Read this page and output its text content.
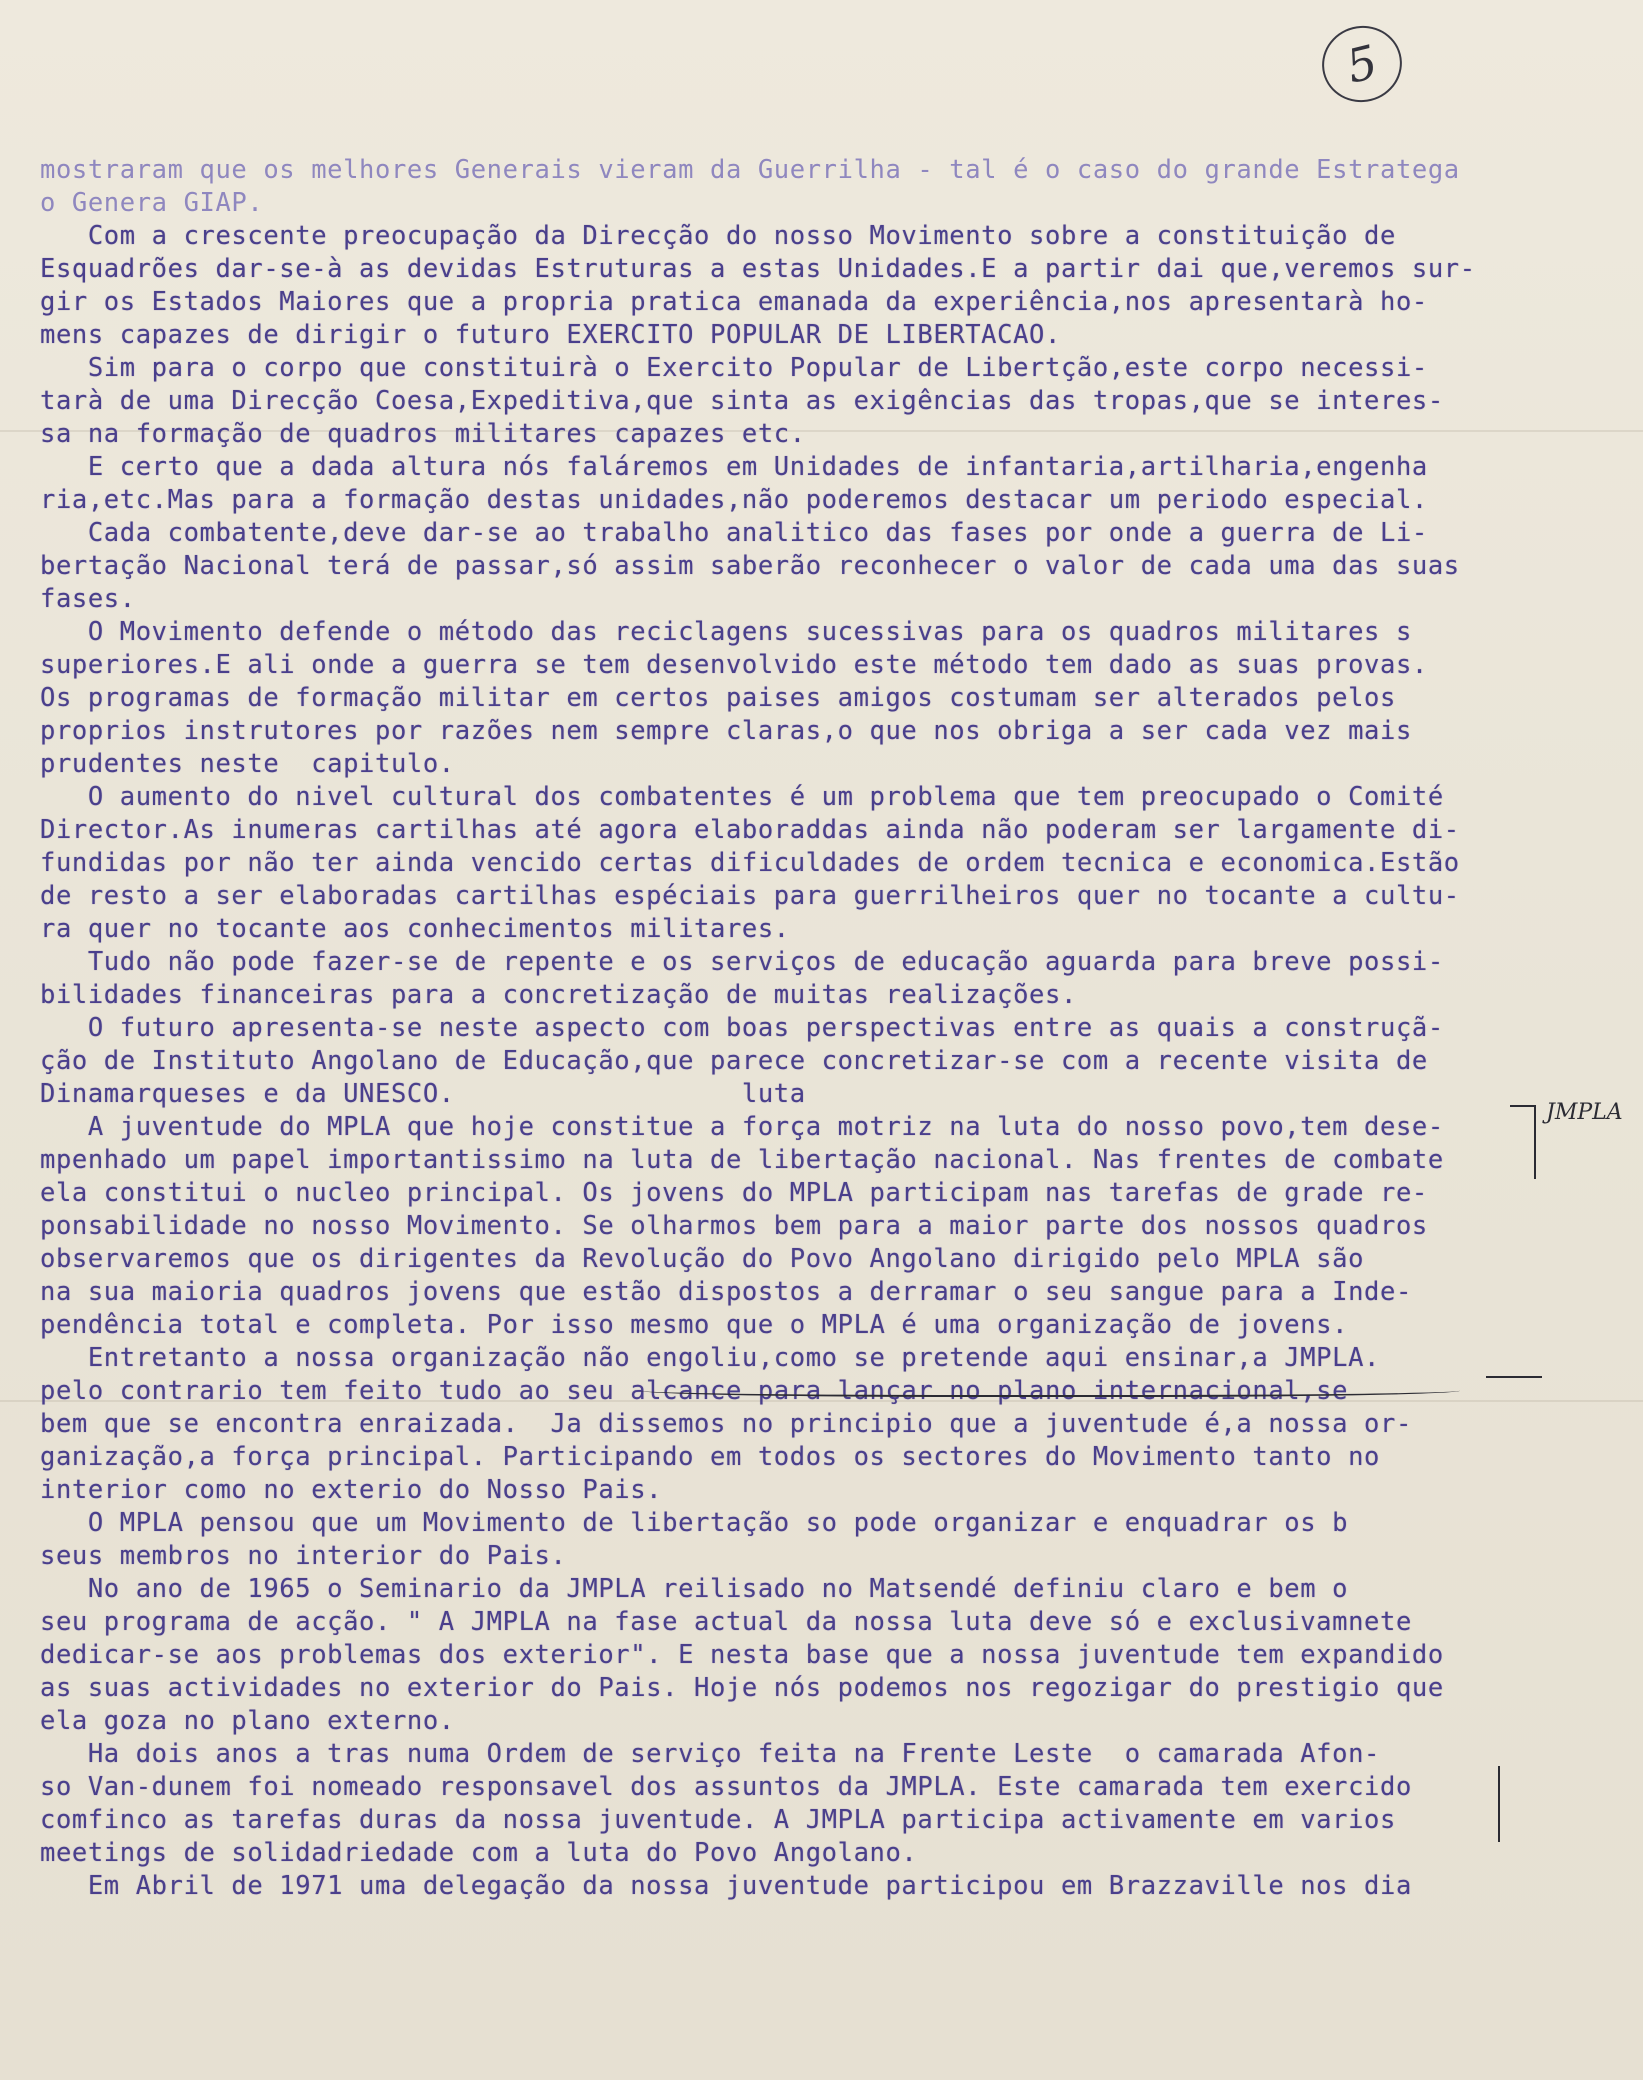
5
mostraram que os melhores Generais vieram da Guerrilha - tal é o caso do grande Estratega
o Genera GIAP.
Com a crescente preocupação da Direcção do nosso Movimento sobre a constituição de
Esquadrões dar-se-à as devidas Estruturas a estas Unidades.E a partir dai que,veremos sur-
gir os Estados Maiores que a propria pratica emanada da experiência,nos apresentarà ho-
mens capazes de dirigir o futuro EXERCITO POPULAR DE LIBERTACAO.
Sim para o corpo que constituirà o Exercito Popular de Libertção,este corpo necessi-
tarà de uma Direcção Coesa,Expeditiva,que sinta as exigências das tropas,que se interes-
sa na formação de quadros militares capazes etc.
E certo que a dada altura nós faláremos em Unidades de infantaria,artilharia,engenha
ria,etc.Mas para a formação destas unidades,não poderemos destacar um periodo especial.
Cada combatente,deve dar-se ao trabalho analitico das fases por onde a guerra de Li-
bertação Nacional terá de passar,só assim saberão reconhecer o valor de cada uma das suas
fases.
O Movimento defende o método das reciclagens sucessivas para os quadros militares s
superiores.E ali onde a guerra se tem desenvolvido este método tem dado as suas provas.
Os programas de formação militar em certos paises amigos costumam ser alterados pelos
proprios instrutores por razões nem sempre claras,o que nos obriga a ser cada vez mais
prudentes neste  capitulo.
O aumento do nivel cultural dos combatentes é um problema que tem preocupado o Comité
Director.As inumeras cartilhas até agora elaboraddas ainda não poderam ser largamente di-
fundidas por não ter ainda vencido certas dificuldades de ordem tecnica e economica.Estão
de resto a ser elaboradas cartilhas espéciais para guerrilheiros quer no tocante a cultu-
ra quer no tocante aos conhecimentos militares.
Tudo não pode fazer-se de repente e os serviços de educação aguarda para breve possi-
bilidades financeiras para a concretização de muitas realizações.
O futuro apresenta-se neste aspecto com boas perspectivas entre as quais a construçã-
ção de Instituto Angolano de Educação,que parece concretizar-se com a recente visita de
Dinamarqueses e da UNESCO.                  luta
A juventude do MPLA que hoje constitue a força motriz na luta do nosso povo,tem dese-
mpenhado um papel importantissimo na luta de libertação nacional. Nas frentes de combate
ela constitui o nucleo principal. Os jovens do MPLA participam nas tarefas de grade re-
ponsabilidade no nosso Movimento. Se olharmos bem para a maior parte dos nossos quadros
observaremos que os dirigentes da Revolução do Povo Angolano dirigido pelo MPLA são
na sua maioria quadros jovens que estão dispostos a derramar o seu sangue para a Inde-
pendência total e completa. Por isso mesmo que o MPLA é uma organização de jovens.
Entretanto a nossa organização não engoliu,como se pretende aqui ensinar,a JMPLA.
pelo contrario tem feito tudo ao seu alcance para lançar no plano internacional,se
bem que se encontra enraizada.  Ja dissemos no principio que a juventude é,a nossa or-
ganização,a força principal. Participando em todos os sectores do Movimento tanto no
interior como no exterio do Nosso Pais.
O MPLA pensou que um Movimento de libertação so pode organizar e enquadrar os b
seus membros no interior do Pais.
No ano de 1965 o Seminario da JMPLA reilisado no Matsendé definiu claro e bem o
seu programa de acção. " A JMPLA na fase actual da nossa luta deve só e exclusivamnete
dedicar-se aos problemas dos exterior". E nesta base que a nossa juventude tem expandido
as suas actividades no exterior do Pais. Hoje nós podemos nos regozigar do prestigio que
ela goza no plano externo.
Ha dois anos a tras numa Ordem de serviço feita na Frente Leste  o camarada Afon-
so Van-dunem foi nomeado responsavel dos assuntos da JMPLA. Este camarada tem exercido
comfinco as tarefas duras da nossa juventude. A JMPLA participa activamente em varios
meetings de solidadriedade com a luta do Povo Angolano.
Em Abril de 1971 uma delegação da nossa juventude participou em Brazzaville nos dia
JMPLA
